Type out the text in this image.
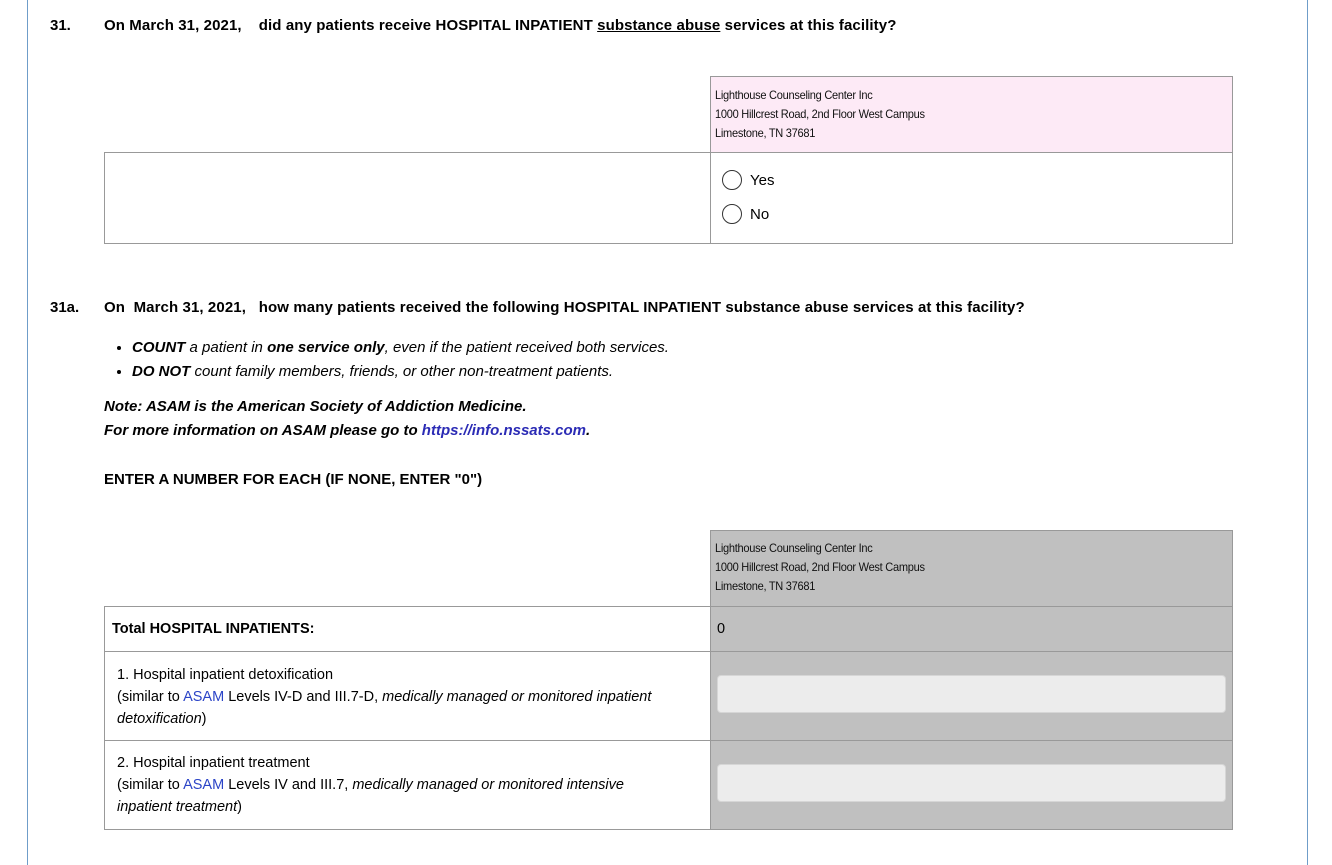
31. On March 31, 2021,    did any patients receive HOSPITAL INPATIENT substance abuse services at this facility?
Lighthouse Counseling Center Inc
1000 Hillcrest Road, 2nd Floor West Campus
Limestone, TN 37681
Yes
No
31a. On  March 31, 2021,   how many patients received the following HOSPITAL INPATIENT substance abuse services at this facility?
• COUNT a patient in one service only, even if the patient received both services.
• DO NOT count family members, friends, or other non-treatment patients.
Note: ASAM is the American Society of Addiction Medicine.
For more information on ASAM please go to https://info.nssats.com.
ENTER A NUMBER FOR EACH (IF NONE, ENTER "0")
Lighthouse Counseling Center Inc
1000 Hillcrest Road, 2nd Floor West Campus
Limestone, TN 37681
Total HOSPITAL INPATIENTS:	0
1. Hospital inpatient detoxification
(similar to ASAM Levels IV-D and III.7-D, medically managed or monitored inpatient detoxification)
2. Hospital inpatient treatment
(similar to ASAM Levels IV and III.7, medically managed or monitored intensive inpatient treatment)
